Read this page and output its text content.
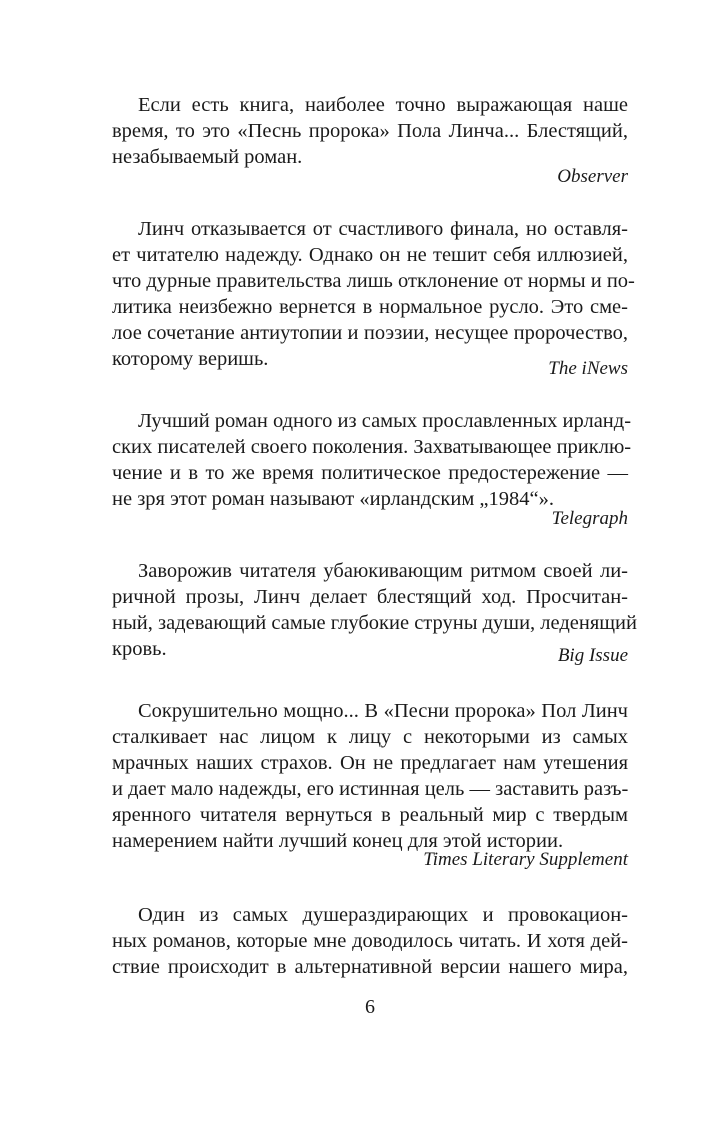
Если есть книга, наиболее точно выражающая наше
время, то это «Песнь пророка» Пола Линча... Блестящий,
незабываемый роман.
Observer
Линч отказывается от счастливого финала, но оставля-
ет читателю надежду. Однако он не тешит себя иллюзией,
что дурные правительства лишь отклонение от нормы и по-
литика неизбежно вернется в нормальное русло. Это сме-
лое сочетание антиутопии и поэзии, несущее пророчество,
которому веришь.	The iNews
Лучший роман одного из самых прославленных ирланд-
ских писателей своего поколения. Захватывающее приклю-
чение и в то же время политическое предостережение —
не зря этот роман называют «ирландским „1984“».
Telegraph
Заворожив читателя убаюкивающим ритмом своей ли-
ричной прозы, Линч делает блестящий ход. Просчитан-
ный, задевающий самые глубокие струны души, леденящий
кровь.	Big Issue
Сокрушительно мощно... В «Песни пророка» Пол Линч
сталкивает нас лицом к лицу с некоторыми из самых
мрачных наших страхов. Он не предлагает нам утешения
и дает мало надежды, его истинная цель — заставить разъ-
яренного читателя вернуться в реальный мир с твердым
намерением найти лучший конец для этой истории.
Times Literary Supplement
Один из самых душераздирающих и провокацион-
ных романов, которые мне доводилось читать. И хотя дей-
ствие происходит в альтернативной версии нашего мира,
6
